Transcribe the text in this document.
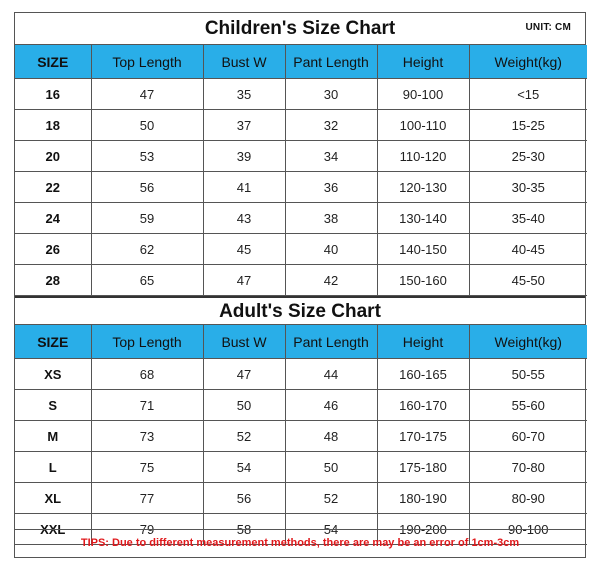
Children's Size Chart	UNIT: CM
SIZE	Top Length	Bust W	Pant Length	Height	Weight(kg)
16	47	35	30	90-100	<15
18	50	37	32	100-110	15-25
20	53	39	34	110-120	25-30
22	56	41	36	120-130	30-35
24	59	43	38	130-140	35-40
26	62	45	40	140-150	40-45
28	65	47	42	150-160	45-50
Adult's Size Chart
SIZE	Top Length	Bust W	Pant Length	Height	Weight(kg)
XS	68	47	44	160-165	50-55
S	71	50	46	160-170	55-60
M	73	52	48	170-175	60-70
L	75	54	50	175-180	70-80
XL	77	56	52	180-190	80-90
XXL	79	58	54	190-200	90-100
TIPS: Due to different measurement methods, there are may be an error of 1cm-3cm
